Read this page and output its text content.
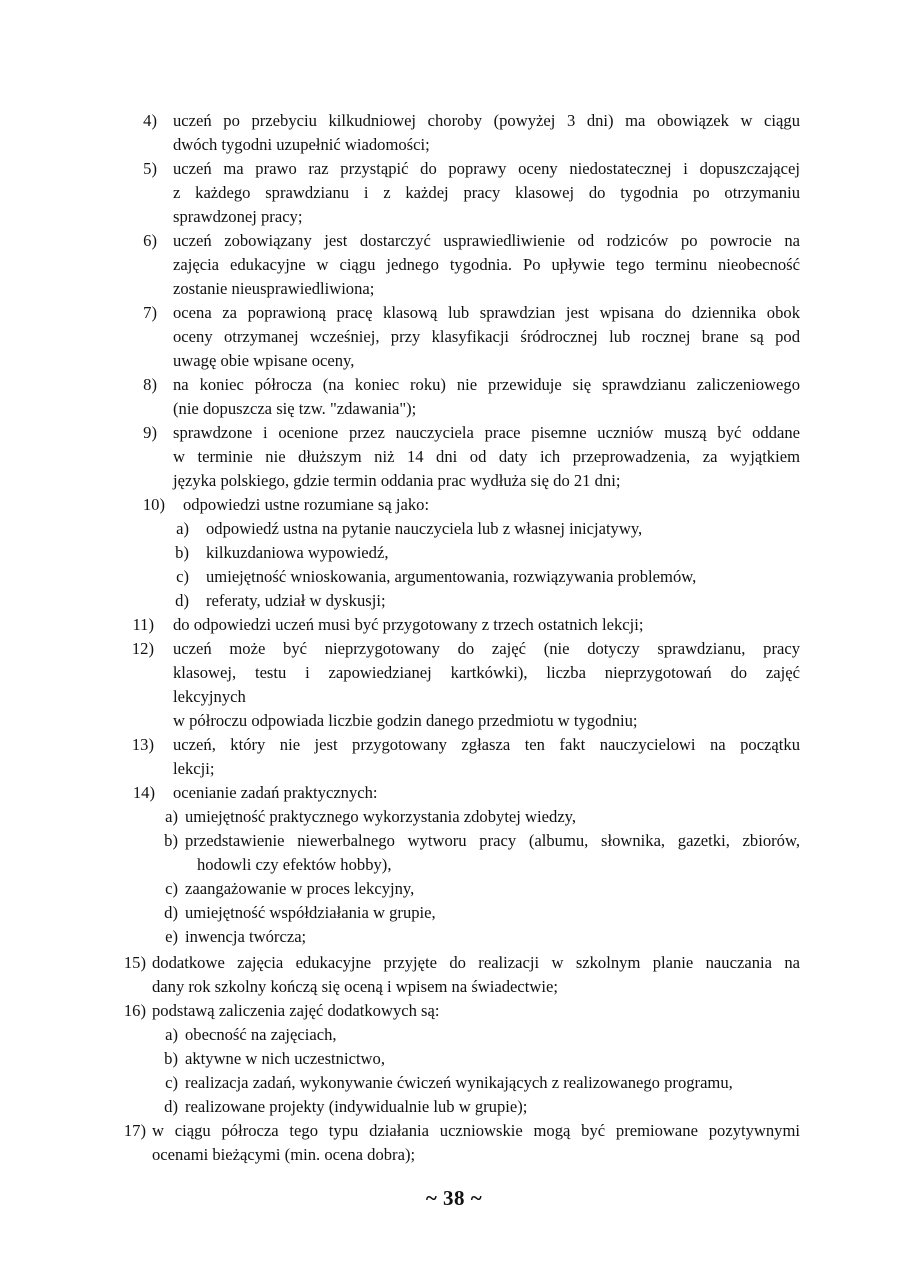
4) uczeń po przebyciu kilkudniowej choroby (powyżej 3 dni) ma obowiązek w ciągu
dwóch tygodni uzupełnić wiadomości;
5) uczeń ma prawo raz przystąpić do poprawy oceny niedostatecznej i dopuszczającej
z każdego sprawdzianu i z każdej pracy klasowej do tygodnia po otrzymaniu
sprawdzonej pracy;
6) uczeń zobowiązany jest dostarczyć usprawiedliwienie od rodziców po powrocie na
zajęcia edukacyjne w ciągu jednego tygodnia. Po upływie tego terminu nieobecność
zostanie nieusprawiedliwiona;
7) ocena za poprawioną pracę klasową lub sprawdzian jest wpisana do dziennika obok
oceny otrzymanej wcześniej, przy klasyfikacji śródrocznej lub rocznej brane są pod
uwagę obie wpisane oceny,
8) na koniec półrocza (na koniec roku) nie przewiduje się sprawdzianu zaliczeniowego
(nie dopuszcza się tzw. "zdawania");
9) sprawdzone i ocenione przez nauczyciela prace pisemne uczniów muszą być oddane
w terminie nie dłuższym niż 14 dni od daty ich przeprowadzenia, za wyjątkiem
języka polskiego, gdzie termin oddania prac wydłuża się do 21 dni;
10) odpowiedzi ustne rozumiane są jako:
a) odpowiedź ustna na pytanie nauczyciela lub z własnej inicjatywy,
b) kilkuzdaniowa wypowiedź,
c) umiejętność wnioskowania, argumentowania, rozwiązywania problemów,
d) referaty, udział w dyskusji;
11) do odpowiedzi uczeń musi być przygotowany z trzech ostatnich lekcji;
12) uczeń może być nieprzygotowany do zajęć (nie dotyczy sprawdzianu, pracy
klasowej, testu i zapowiedzianej kartkówki), liczba nieprzygotowań do zajęć
lekcyjnych
w półroczu odpowiada liczbie godzin danego przedmiotu w tygodniu;
13) uczeń, który nie jest przygotowany zgłasza ten fakt nauczycielowi na początku
lekcji;
14) ocenianie zadań praktycznych:
a) umiejętność praktycznego wykorzystania zdobytej wiedzy,
b) przedstawienie niewerbalnego wytworu pracy (albumu, słownika, gazetki, zbiorów,
hodowli czy efektów hobby),
c) zaangażowanie w proces lekcyjny,
d) umiejętność współdziałania w grupie,
e) inwencja twórcza;
15) dodatkowe zajęcia edukacyjne przyjęte do realizacji w szkolnym planie nauczania na
dany rok szkolny kończą się oceną i wpisem na świadectwie;
16) podstawą zaliczenia zajęć dodatkowych są:
a) obecność na zajęciach,
b) aktywne w nich uczestnictwo,
c) realizacja zadań, wykonywanie ćwiczeń wynikających z realizowanego programu,
d) realizowane projekty (indywidualnie lub w grupie);
17) w ciągu półrocza tego typu działania uczniowskie mogą być premiowane pozytywnymi
ocenami bieżącymi (min. ocena dobra);
~ 38 ~
